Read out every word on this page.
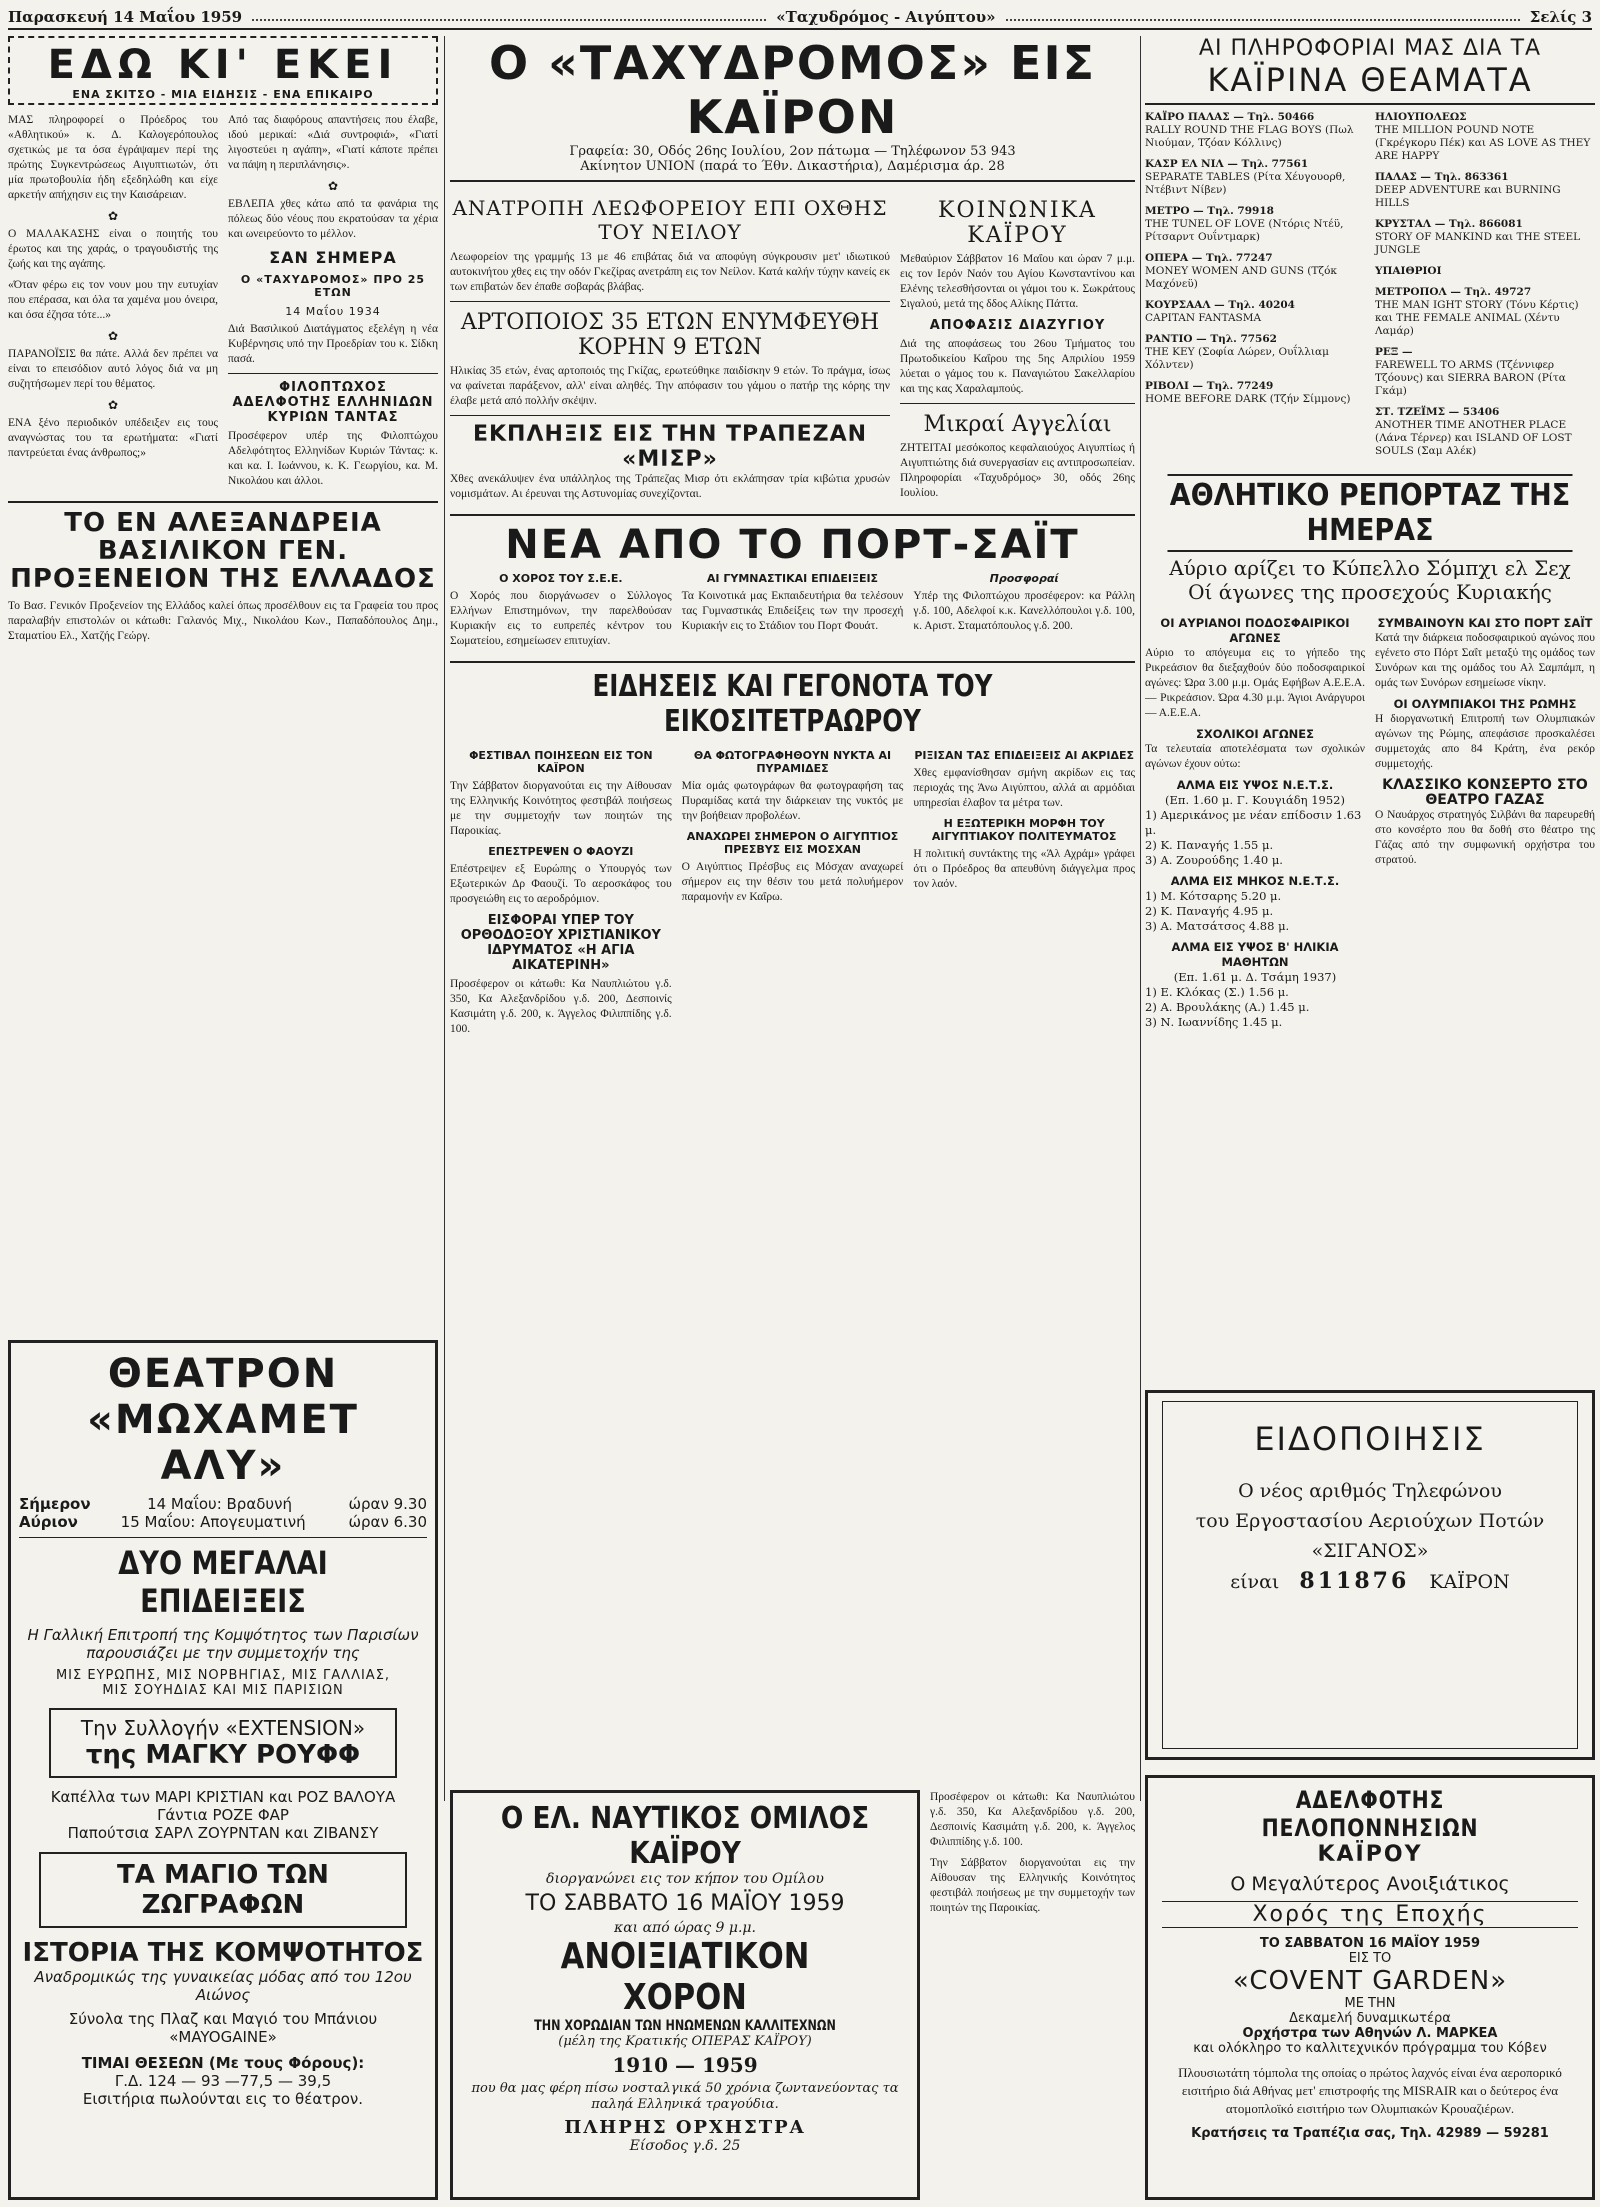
Παρασκευή 14 Μαΐου 1959	«Ταχυδρόμος - Αιγύπτου»	Σελίς 3
ΕΔΩ ΚΙ' ΕΚΕΙ
ΕΝΑ ΣΚΙΤΣΟ - ΜΙΑ ΕΙΔΗΣΙΣ - ΕΝΑ ΕΠΙΚΑΙΡΟ

ΜΑΣ πληροφορεί ο Πρόεδρος του «Αθλητικού» κ. Δ. Καλογερόπουλος σχετικώς με τα όσα έγράψαμεν περί της πρώτης Συγκεντρώσεως Αιγυπτιωτών, ότι μία πρωτοβουλία ήδη εξεδηλώθη και είχε αρκετήν απήχησιν εις την Καισάρειαν.

✿

Ο ΜΑΛΑΚΑΣΗΣ είναι ο ποιητής του έρωτος και της χαράς, ο τραγουδιστής της ζωής και της αγάπης.

«Όταν φέρω εις τον νουν μου την ευτυχίαν που επέρασα, και όλα τα χαμένα μου όνειρα, και όσα έζησα τότε...»

✿

ΠΑΡΑΝΟΪΣΙΣ θα πάτε. Αλλά δεν πρέπει να είναι το επεισόδιον αυτό λόγος διά να μη συζητήσωμεν περί του θέματος.

✿

ΕΝΑ ξένο περιοδικόν υπέδειξεν εις τους αναγνώστας του τα ερωτήματα: «Γιατί παντρεύεται ένας άνθρωπος;»

Από τας διαφόρους απαντήσεις που έλαβε, ιδού μερικαί: «Διά συντροφιά», «Γιατί λιγοστεύει η αγάπη», «Γιατί κάποτε πρέπει να πάψη η περιπλάνησις».

✿

ΕΒΛΕΠΑ χθες κάτω από τα φανάρια της πόλεως δύο νέους που εκρατούσαν τα χέρια και ωνειρεύοντο το μέλλον.

ΣΑΝ ΣΗΜΕΡΑ
Ο «ΤΑΧΥΔΡΟΜΟΣ» ΠΡΟ 25 ΕΤΩΝ
14 Μαΐου 1934

Διά Βασιλικού Διατάγματος εξελέγη η νέα Κυβέρνησις υπό την Προεδρίαν του κ. Σίδκη πασά.

ΦΙΛΟΠΤΩΧΟΣ ΑΔΕΛΦΟΤΗΣ ΕΛΛΗΝΙΔΩΝ ΚΥΡΙΩΝ ΤΑΝΤΑΣ

Προσέφερον υπέρ της Φιλοπτώχου Αδελφότητος Ελληνίδων Κυριών Τάντας: κ. και κα. Ι. Ιωάννου, κ. Κ. Γεωργίου, κα. Μ. Νικολάου και άλλοι.

ΤΟ ΕΝ ΑΛΕΞΑΝΔΡΕΙΑ ΒΑΣΙΛΙΚΟΝ ΓΕΝ. ΠΡΟΞΕΝΕΙΟΝ ΤΗΣ ΕΛΛΑΔΟΣ

Το Βασ. Γενικόν Προξενείον της Ελλάδος καλεί όπως προσέλθουν εις τα Γραφεία του προς παραλαβήν επιστολών οι κάτωθι: Γαλανός Μιχ., Νικολάου Κων., Παπαδόπουλος Δημ., Σταματίου Ελ., Χατζής Γεώργ.

ΘΕΑΤΡΟΝ «ΜΩΧΑΜΕΤ ΑΛΥ»
Σήμερον	14 Μαΐου: Βραδυνή	ώραν 9.30
Αύριον	15 Μαΐου: Απογευματινή	ώραν 6.30
ΔΥΟ ΜΕΓΑΛΑΙ ΕΠΙΔΕΙΞΕΙΣ
Η Γαλλική Επιτροπή της Κομψότητος των Παρισίων παρουσιάζει με την συμμετοχήν της
ΜΙΣ ΕΥΡΩΠΗΣ, ΜΙΣ ΝΟΡΒΗΓΙΑΣ, ΜΙΣ ΓΑΛΛΙΑΣ,
ΜΙΣ ΣΟΥΗΔΙΑΣ ΚΑΙ ΜΙΣ ΠΑΡΙΣΙΩΝ
Την Συλλογήν «EXTENSION»
της ΜΑΓΚΥ ΡΟΥΦΦ
Καπέλλα των ΜΑΡΙ ΚΡΙΣΤΙΑΝ και ΡΟΖ ΒΑΛΟΥΑ
Γάντια ΡΟΖΕ ΦΑΡ
Παπούτσια ΣΑΡΛ ΖΟΥΡΝΤΑΝ και ΖΙΒΑΝΣΥ
ΤΑ ΜΑΓΙΟ ΤΩΝ ΖΩΓΡΑΦΩΝ
ΙΣΤΟΡΙΑ ΤΗΣ ΚΟΜΨΟΤΗΤΟΣ
Αναδρομικώς της γυναικείας μόδας από του 12ου Αιώνος
Σύνολα της Πλαζ και Μαγιό του Μπάνιου «MAYOGAINE»
ΤΙΜΑΙ ΘΕΣΕΩΝ (Με τους Φόρους):
Γ.Δ. 124 — 93 —77,5 — 39,5
Εισιτήρια πωλούνται εις το θέατρον.
Ο «ΤΑΧΥΔΡΟΜΟΣ» ΕΙΣ ΚΑΪΡΟΝ
Γραφεία: 30, Οδός 26ης Ιουλίου, 2ον πάτωμα — Τηλέφωνον 53 943
Ακίνητον UNION (παρά το Έθν. Δικαστήρια), Δαμέρισμα άρ. 28
ΑΝΑΤΡΟΠΗ ΛΕΩΦΟΡΕΙΟΥ ΕΠΙ ΟΧΘΗΣ ΤΟΥ ΝΕΙΛΟΥ

Λεωφορείον της γραμμής 13 με 46 επιβάτας διά να αποφύγη σύγκρουσιν μετ' ιδιωτικού αυτοκινήτου χθες εις την οδόν Γκεζίρας ανετράπη εις τον Νείλον. Κατά καλήν τύχην κανείς εκ των επιβατών δεν έπαθε σοβαράς βλάβας.

ΑΡΤΟΠΟΙΟΣ 35 ΕΤΩΝ ΕΝΥΜΦΕΥΘΗ ΚΟΡΗΝ 9 ΕΤΩΝ

Ηλικίας 35 ετών, ένας αρτοποιός της Γκίζας, ερωτεύθηκε παιδίσκην 9 ετών. Το πράγμα, ίσως να φαίνεται παράξενον, αλλ' είναι αληθές. Την απόφασιν του γάμου ο πατήρ της κόρης την έλαβε μετά από πολλήν σκέψιν.

ΕΚΠΛΗΞΙΣ ΕΙΣ ΤΗΝ ΤΡΑΠΕΖΑΝ «ΜΙΣΡ»

Χθες ανεκάλυψεν ένα υπάλληλος της Τράπεζας Μισρ ότι εκλάπησαν τρία κιβώτια χρυσών νομισμάτων. Αι έρευναι της Αστυνομίας συνεχίζονται.

ΚΟΙΝΩΝΙΚΑ ΚΑΪΡΟΥ

Μεθαύριον Σάββατον 16 Μαΐου και ώραν 7 μ.μ. εις τον Ιερόν Ναόν του Αγίου Κωνσταντίνου και Ελένης τελεσθήσονται οι γάμοι του κ. Σωκράτους Σιγαλού, μετά της δδος Αλίκης Πάττα.

ΑΠΟΦΑΣΙΣ ΔΙΑΖΥΓΙΟΥ

Διά της αποφάσεως του 26ου Τμήματος του Πρωτοδικείου Καΐρου της 5ης Απριλίου 1959 λύεται ο γάμος του κ. Παναγιώτου Σακελλαρίου και της κας Χαραλαμπούς.

Μικραί Αγγελίαι

ΖΗΤΕΙΤΑΙ μεσόκοπος κεφαλαιούχος Αιγυπτίως ή Αιγυπτιώτης διά συνεργασίαν εις αντιπροσωπείαν. Πληροφορίαι «Ταχυδρόμος» 30, οδός 26ης Ιουλίου.

ΝΕΑ ΑΠΟ ΤΟ ΠΟΡΤ-ΣΑΪΤ
Ο ΧΟΡΟΣ ΤΟΥ Σ.Ε.Ε.

Ο Χορός που διοργάνωσεν ο Σύλλογος Ελλήνων Επιστημόνων, την παρελθούσαν Κυριακήν εις το ευπρεπές κέντρον του Σωματείου, εσημείωσεν επιτυχίαν.

ΑΙ ΓΥΜΝΑΣΤΙΚΑΙ ΕΠΙΔΕΙΞΕΙΣ

Τα Κοινοτικά μας Εκπαιδευτήρια θα τελέσουν τας Γυμναστικάς Επιδείξεις των την προσεχή Κυριακήν εις το Στάδιον του Πορτ Φουάτ.

Προσφοραί

Υπέρ της Φιλοπτώχου προσέφερον: κα Ράλλη γ.δ. 100, Αδελφοί κ.κ. Κανελλόπουλοι γ.δ. 100, κ. Αριστ. Σταματόπουλος γ.δ. 200.

ΕΙΔΗΣΕΙΣ ΚΑΙ ΓΕΓΟΝΟΤΑ ΤΟΥ ΕΙΚΟΣΙΤΕΤΡΑΩΡΟΥ
ΦΕΣΤΙΒΑΛ ΠΟΙΗΣΕΩΝ ΕΙΣ ΤΟΝ ΚΑΪΡΟΝ

Την Σάββατον διοργανούται εις την Αίθουσαν της Ελληνικής Κοινότητος φεστιβάλ ποιήσεως με την συμμετοχήν των ποιητών της Παροικίας.

ΕΠΕΣΤΡΕΨΕΝ Ο ΦΑΟΥΖΙ

Επέστρεψεν εξ Ευρώπης ο Υπουργός των Εξωτερικών Δρ Φαουζί. Το αεροσκάφος του προσγειώθη εις το αεροδρόμιον.

ΕΙΣΦΟΡΑΙ ΥΠΕΡ ΤΟΥ ΟΡΘΟΔΟΞΟΥ ΧΡΙΣΤΙΑΝΙΚΟΥ ΙΔΡΥΜΑΤΟΣ «Η ΑΓΙΑ ΑΙΚΑΤΕΡΙΝΗ»

Προσέφερον οι κάτωθι: Κα Ναυπλιώτου γ.δ. 350, Κα Αλεξανδρίδου γ.δ. 200, Δεσποινίς Κασιμάτη γ.δ. 200, κ. Άγγελος Φιλιππίδης γ.δ. 100.

ΘΑ ΦΩΤΟΓΡΑΦΗΘΟΥΝ ΝΥΚΤΑ ΑΙ ΠΥΡΑΜΙΔΕΣ

Μία ομάς φωτογράφων θα φωτογραφήση τας Πυραμίδας κατά την διάρκειαν της νυκτός με την βοήθειαν προβολέων.

ΑΝΑΧΩΡΕΙ ΣΗΜΕΡΟΝ Ο ΑΙΓΥΠΤΙΟΣ ΠΡΕΣΒΥΣ ΕΙΣ ΜΟΣΧΑΝ

Ο Αιγύπτιος Πρέσβυς εις Μόσχαν αναχωρεί σήμερον εις την θέσιν του μετά πολυήμερον παραμονήν εν Καΐρω.

ΡΙΞΙΣΑΝ ΤΑΣ ΕΠΙΔΕΙΞΕΙΣ ΑΙ ΑΚΡΙΔΕΣ

Χθες εμφανίσθησαν σμήνη ακρίδων εις τας περιοχάς της Άνω Αιγύπτου, αλλά αι αρμόδιαι υπηρεσίαι έλαβον τα μέτρα των.

Η ΕΞΩΤΕΡΙΚΗ ΜΟΡΦΗ ΤΟΥ ΑΙΓΥΠΤΙΑΚΟΥ ΠΟΛΙΤΕΥΜΑΤΟΣ

Η πολιτική συντάκτης της «Άλ Αχράμ» γράφει ότι ο Πρόεδρος θα απευθύνη διάγγελμα προς τον λαόν.

Ο ΕΛ. ΝΑΥΤΙΚΟΣ ΟΜΙΛΟΣ ΚΑΪΡΟΥ
διοργανώνει εις τον κήπον του Ομίλου
ΤΟ ΣΑΒΒΑΤΟ 16 ΜΑΪΟΥ 1959
και από ώρας 9 μ.μ.
ΑΝΟΙΞΙΑΤΙΚΟΝ ΧΟΡΟΝ
ΤΗΝ ΧΟΡΩΔΙΑΝ ΤΩΝ ΗΝΩΜΕΝΩΝ ΚΑΛΛΙΤΕΧΝΩΝ
(μέλη της Κρατικής ΟΠΕΡΑΣ ΚΑΪΡΟΥ)
1910 — 1959
που θα μας φέρη πίσω νοσταλγικά 50 χρόνια ζωντανεύοντας τα παληά Ελληνικά τραγούδια.
ΠΛΗΡΗΣ ΟΡΧΗΣΤΡΑ
Είσοδος γ.δ. 25

Προσέφερον οι κάτωθι: Κα Ναυπλιώτου γ.δ. 350, Κα Αλεξανδρίδου γ.δ. 200, Δεσποινίς Κασιμάτη γ.δ. 200, κ. Άγγελος Φιλιππίδης γ.δ. 100.

Την Σάββατον διοργανούται εις την Αίθουσαν της Ελληνικής Κοινότητος φεστιβάλ ποιήσεως με την συμμετοχήν των ποιητών της Παροικίας.

ΑΙ ΠΛΗΡΟΦΟΡΙΑΙ ΜΑΣ ΔΙΑ ΤΑ
ΚΑΪΡΙΝΑ ΘΕΑΜΑΤΑ
ΚΑΪΡΟ ΠΑΛΑΣ — Τηλ. 50466
RALLY ROUND THE FLAG BOYS (Πωλ Νιούμαν, Τζόαν Κόλλινς)
ΚΑΣΡ ΕΛ ΝΙΛ — Τηλ. 77561
SEPARATE TABLES (Ρίτα Χέυγουορθ, Ντέβιντ Νίβεν)
ΜΕΤΡΟ — Τηλ. 79918
THE TUNEL OF LOVE (Ντόρις Ντέϋ, Ρίτσαρντ Ουΐντμαρκ)
ΟΠΕΡΑ — Τηλ. 77247
MONEY WOMEN AND GUNS (Τζόκ Μαχόνεϋ)
ΚΟΥΡΣΑΑΛ — Τηλ. 40204
CAPITAN FANTASMA
ΡΑΝΤΙΟ — Τηλ. 77562
THE KEY (Σοφία Λώρεν, Ουΐλλιαμ Χόλντεν)
ΡΙΒΟΛΙ — Τηλ. 77249
HOME BEFORE DARK (Τζήν Σίμμονς)
ΗΛΙΟΥΠΟΛΕΩΣ
THE MILLION POUND NOTE (Γκρέγκορυ Πέκ) και AS LOVE AS THEY ARE HAPPY
ΠΑΛΑΣ — Τηλ. 863361
DEEP ADVENTURE και BURNING HILLS
ΚΡΥΣΤΑΛ — Τηλ. 866081
STORY OF MANKIND και THE STEEL JUNGLE
ΥΠΑΙΘΡΙΟΙ
ΜΕΤΡΟΠΟΛ — Τηλ. 49727
THE MAN IGHT STORY (Τόνυ Κέρτις) και THE FEMALE ANIMAL (Χέντυ Λαμάρ)
ΡΕΞ —
FAREWELL TO ARMS (Τζέννιφερ Τζόουνς) και SIERRA BARON (Ρίτα Γκάμ)
ΣΤ. ΤΖΕΪΜΣ — 53406
ANOTHER TIME ANOTHER PLACE (Λάνα Τέρνερ) και ISLAND OF LOST SOULS (Σαμ Αλέκ)
ΑΘΛΗΤΙΚΟ ΡΕΠΟΡΤΑΖ ΤΗΣ ΗΜΕΡΑΣ
Αύριο αρίζει το Κύπελλο Σόμπχι ελ Σεχ
Οί άγωνες της προσεχούς Κυριακής
ΟΙ ΑΥΡΙΑΝΟΙ ΠΟΔΟΣΦΑΙΡΙΚΟΙ ΑΓΩΝΕΣ

Αύριο το απόγευμα εις το γήπεδο της Ρικρεάσιον θα διεξαχθούν δύο ποδοσφαιρικοί αγώνες: Ώρα 3.00 μ.μ. Ομάς Εφήβων Α.Ε.Ε.Α. — Ρικρεάσιον. Ώρα 4.30 μ.μ. Άγιοι Ανάργυροι — Α.Ε.Ε.Α.

ΣΧΟΛΙΚΟΙ ΑΓΩΝΕΣ

Τα τελευταία αποτελέσματα των σχολικών αγώνων έχουν ούτω:

ΑΛΜΑ ΕΙΣ ΥΨΟΣ Ν.Ε.Τ.Σ.
(Επ. 1.60 μ. Γ. Κουγιάδη 1952)
1) Αμερικάνος με νέαν επίδοσιν 1.63 μ.
2) Κ. Παναγής 1.55 μ.
3) Α. Ζουρούδης 1.40 μ.
ΑΛΜΑ ΕΙΣ ΜΗΚΟΣ Ν.Ε.Τ.Σ.
1) Μ. Κότσαρης 5.20 μ.
2) Κ. Παναγής 4.95 μ.
3) Α. Ματσάτσος 4.88 μ.
ΑΛΜΑ ΕΙΣ ΥΨΟΣ Β' ΗΛΙΚΙΑ ΜΑΘΗΤΩΝ
(Επ. 1.61 μ. Δ. Τσάμη 1937)
1) Ε. Κλόκας (Σ.) 1.56 μ.
2) Α. Βρουλάκης (Α.) 1.45 μ.
3) Ν. Ιωαννίδης 1.45 μ.
ΣΥΜΒΑΙΝΟΥΝ ΚΑΙ ΣΤΟ ΠΟΡΤ ΣΑΪΤ

Κατά την διάρκεια ποδοσφαιρικού αγώνος που εγένετο στο Πόρτ Σαΐτ μεταξύ της ομάδος των Συνόρων και της ομάδος του Αλ Σαμπάμπ, η ομάς των Συνόρων εσημείωσε νίκην.

ΟΙ ΟΛΥΜΠΙΑΚΟΙ ΤΗΣ ΡΩΜΗΣ

Η διοργανωτική Επιτροπή των Ολυμπιακών αγώνων της Ρώμης, απεφάσισε προσκαλέσει συμμετοχάς απο 84 Κράτη, ένα ρεκόρ συμμετοχής.

ΚΛΑΣΣΙΚΟ ΚΟΝΣΕΡΤΟ ΣΤΟ ΘΕΑΤΡΟ ΓΑΖΑΣ

Ο Ναυάρχος στρατηγός Σιλβάνι θα παρευρεθή στο κονσέρτο που θα δοθή στο θέατρο της Γάζας από την συμφωνική ορχήστρα του στρατού.

ΕΙΔΟΠΟΙΗΣΙΣ
Ο νέος αριθμός Τηλεφώνου
του Εργοστασίου Αεριούχων Ποτών «ΣΙΓΑΝΟΣ»
είναι 811876 ΚΑΪΡΟΝ
ΑΔΕΛΦΟΤΗΣ ΠΕΛΟΠΟΝΝΗΣΙΩΝ
ΚΑΪΡΟΥ
Ο Μεγαλύτερος Ανοιξιάτικος
Χορός της Εποχής
ΤΟ ΣΑΒΒΑΤΟΝ 16 ΜΑΪΟΥ 1959
ΕΙΣ ΤΟ
«COVENT GARDEN»
ΜΕ ΤΗΝ
Δεκαμελή δυναμικωτέρα
Ορχήστρα των Αθηνών Λ. ΜΑΡΚΕΑ
και ολόκληρο το καλλιτεχνικόν πρόγραμμα του Κόβεν
Πλουσιωτάτη τόμπολα της οποίας ο πρώτος λαχνός είναι ένα αεροπορικό εισιτήριο διά Αθήνας μετ' επιστροφής της MISRAIR και ο δεύτερος ένα ατομοπλοϊκό εισιτήριο των Ολυμπιακών Κρουαζιέρων.
Κρατήσεις τα Τραπέζια σας, Τηλ. 42989 — 59281
